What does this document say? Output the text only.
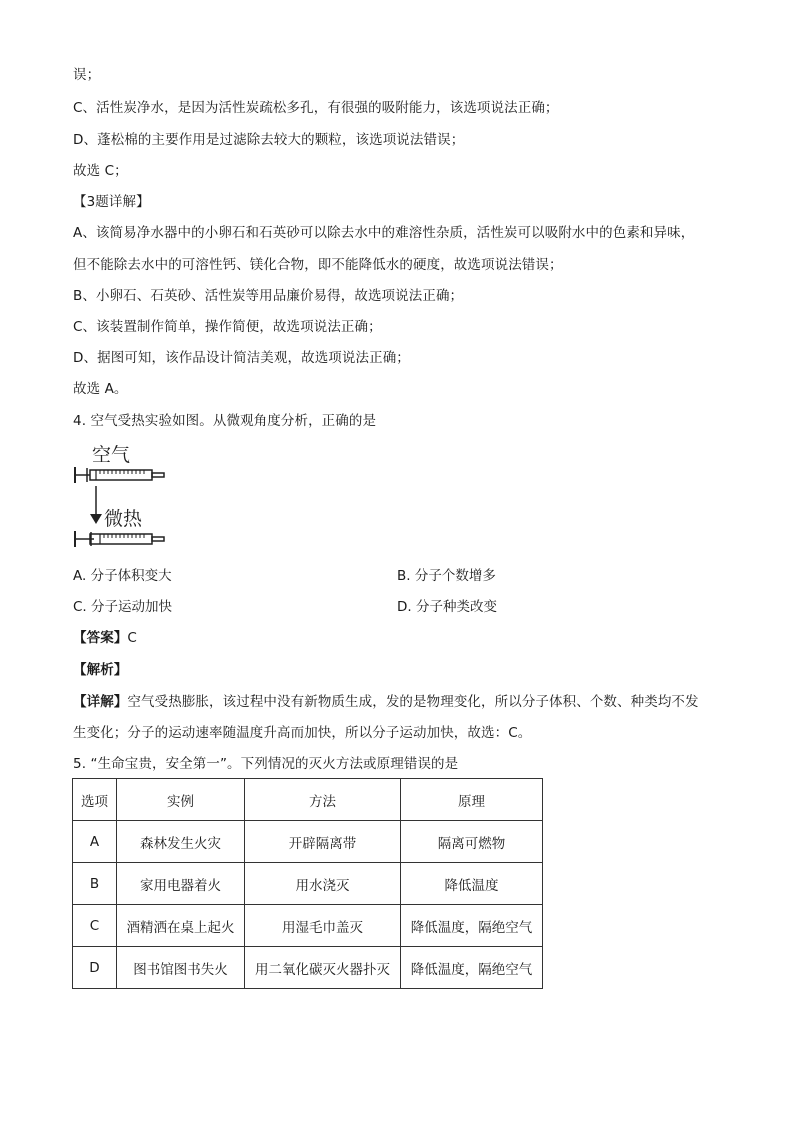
误；
C、活性炭净水，是因为活性炭疏松多孔，有很强的吸附能力，该选项说法正确；
D、蓬松棉的主要作用是过滤除去较大的颗粒，该选项说法错误；
故选 C；
【3题详解】
A、该简易净水器中的小卵石和石英砂可以除去水中的难溶性杂质，活性炭可以吸附水中的色素和异味，
但不能除去水中的可溶性钙、镁化合物，即不能降低水的硬度，故选项说法错误；
B、小卵石、石英砂、活性炭等用品廉价易得，故选项说法正确；
C、该装置制作简单，操作简便，故选项说法正确；
D、据图可知，该作品设计简洁美观，故选项说法正确；
故选 A。
4. 空气受热实验如图。从微观角度分析，正确的是
空气
微热
A. 分子体积变大	B. 分子个数增多
C. 分子运动加快	D. 分子种类改变
【答案】C
【解析】
【详解】空气受热膨胀，该过程中没有新物质生成，发的是物理变化，所以分子体积、个数、种类均不发
生变化；分子的运动速率随温度升高而加快，所以分子运动加快，故选：C。
5. “生命宝贵，安全第一”。下列情况的灭火方法或原理错误的是
选项	实例	方法	原理
A	森林发生火灾	开辟隔离带	隔离可燃物
B	家用电器着火	用水浇灭	降低温度
C	酒精洒在桌上起火	用湿毛巾盖灭	降低温度，隔绝空气
D	图书馆图书失火	用二氧化碳灭火器扑灭	降低温度，隔绝空气
